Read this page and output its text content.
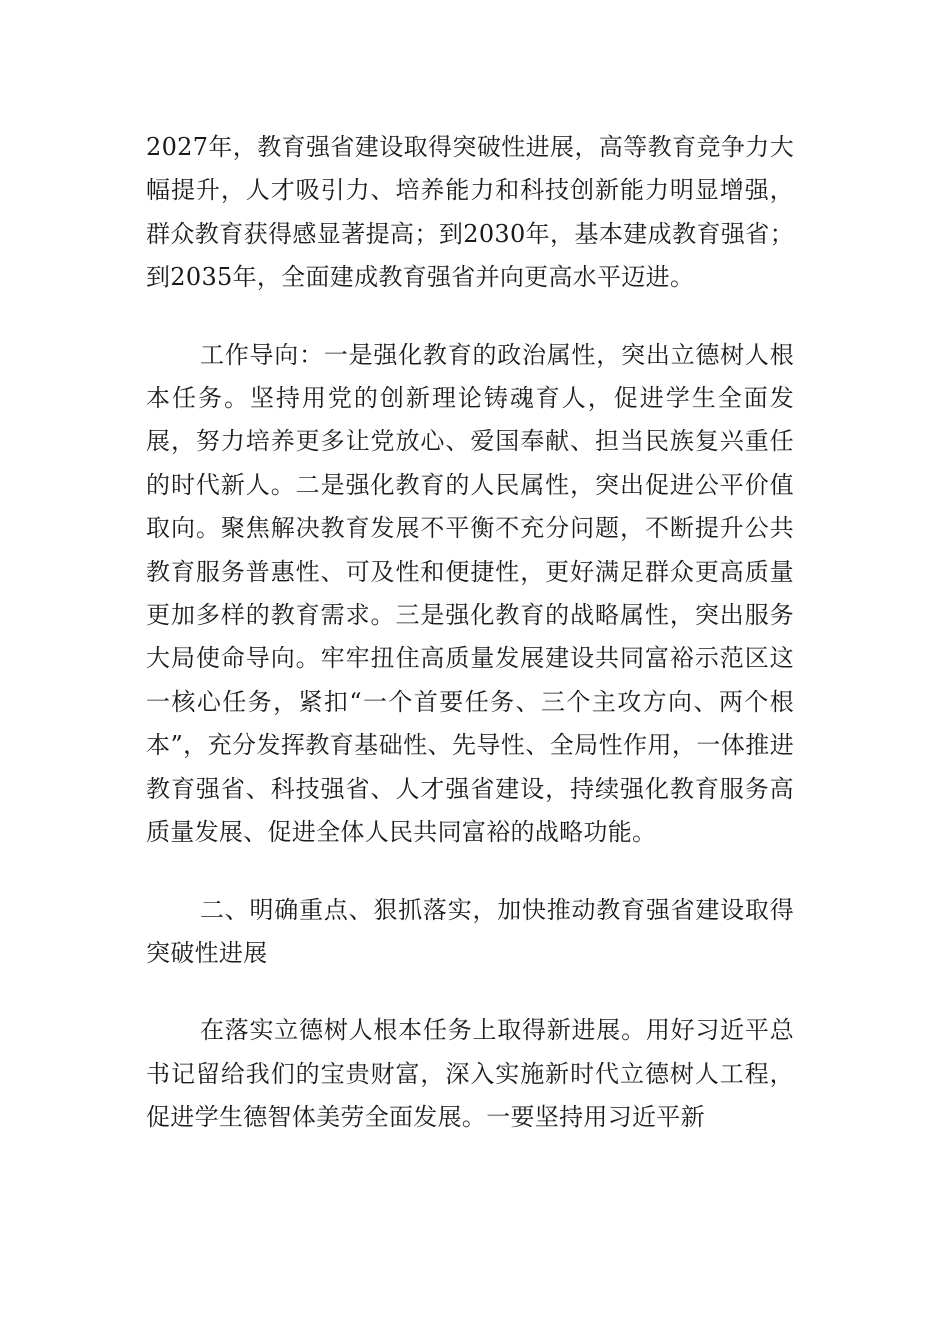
2027年，教育强省建设取得突破性进展，高等教育竞争力大幅提升，人才吸引力、培养能力和科技创新能力明显增强，群众教育获得感显著提高；到2030年，基本建成教育强省；到2035年，全面建成教育强省并向更高水平迈进。

工作导向：一是强化教育的政治属性，突出立德树人根本任务。坚持用党的创新理论铸魂育人，促进学生全面发展，努力培养更多让党放心、爱国奉献、担当民族复兴重任的时代新人。二是强化教育的人民属性，突出促进公平价值取向。聚焦解决教育发展不平衡不充分问题，不断提升公共教育服务普惠性、可及性和便捷性，更好满足群众更高质量更加多样的教育需求。三是强化教育的战略属性，突出服务大局使命导向。牢牢扭住高质量发展建设共同富裕示范区这一核心任务，紧扣“一个首要任务、三个主攻方向、两个根本”，充分发挥教育基础性、先导性、全局性作用，一体推进教育强省、科技强省、人才强省建设，持续强化教育服务高质量发展、促进全体人民共同富裕的战略功能。

二、明确重点、狠抓落实，加快推动教育强省建设取得突破性进展

在落实立德树人根本任务上取得新进展。用好习近平总书记留给我们的宝贵财富，深入实施新时代立德树人工程，促进学生德智体美劳全面发展。一要坚持用习近平新
